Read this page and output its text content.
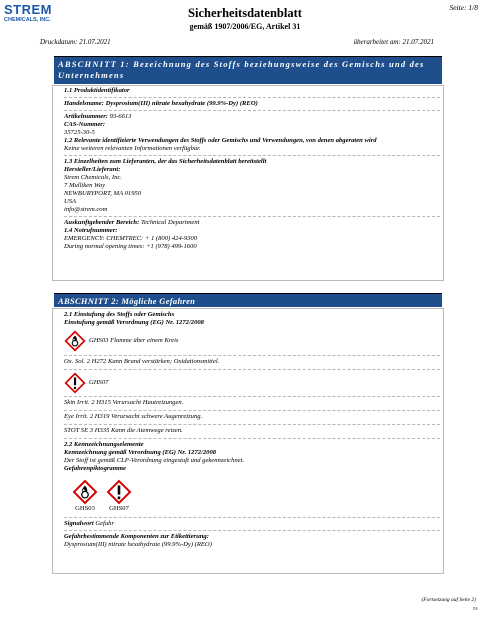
STREM
CHEMICALS, INC.	Sicherheitsdatenblatt
gemäß 1907/2006/EG, Artikel 31
Seite: 1/8
Druckdatum: 21.07.2021	überarbeitet am: 21.07.2021
ABSCHNITT 1: Bezeichnung des Stoffs beziehungsweise des Gemischs und des
Unternehmens
1.1 Produktidentifikator
Handelsname: Dysprosium(III) nitrate hexahydrate (99.9%-Dy) (REO)
Artikelnummer: 93-6613
CAS-Nummer:
35725-30-5
1.2 Relevante identifizierte Verwendungen des Stoffs oder Gemischs und Verwendungen, von denen abgeraten wird
Keine weiteren relevanten Informationen verfügbar.
1.3 Einzelheiten zum Lieferanten, der das Sicherheitsdatenblatt bereitstellt
Hersteller/Lieferant:
Strem Chemicals, Inc.
7 Mulliken Way
NEWBURYPORT, MA 01950
USA
info@strem.com
Auskunftgebender Bereich: Technical Department
1.4 Notrufnummer:
EMERGENCY: CHEMTREC: + 1 (800) 424-9300
During normal opening times: +1 (978) 499-1600
ABSCHNITT 2: Mögliche Gefahren
2.1 Einstufung des Stoffs oder Gemischs
Einstufung gemäß Verordnung (EG) Nr. 1272/2008
GHS03 Flamme über einem Kreis
Ox. Sol. 2 H272 Kann Brand verstärken; Oxidationsmittel.
GHS07
Skin Irrit. 2 H315 Verursacht Hautreizungen.
Eye Irrit. 2 H319 Verursacht schwere Augenreizung.
STOT SE 3 H335 Kann die Atemwege reizen.
2.2 Kennzeichnungselemente
Kennzeichnung gemäß Verordnung (EG) Nr. 1272/2008
Der Stoff ist gemäß CLP-Verordnung eingestuft und gekennzeichnet.
Gefahrenpiktogramme
GHS03 GHS07
Signalwort Gefahr
Gefahrbestimmende Komponenten zur Etikettierung:
Dysprosium(III) nitrate hexahydrate (99.9%-Dy) (REO)
(Fortsetzung auf Seite 2)
DE
